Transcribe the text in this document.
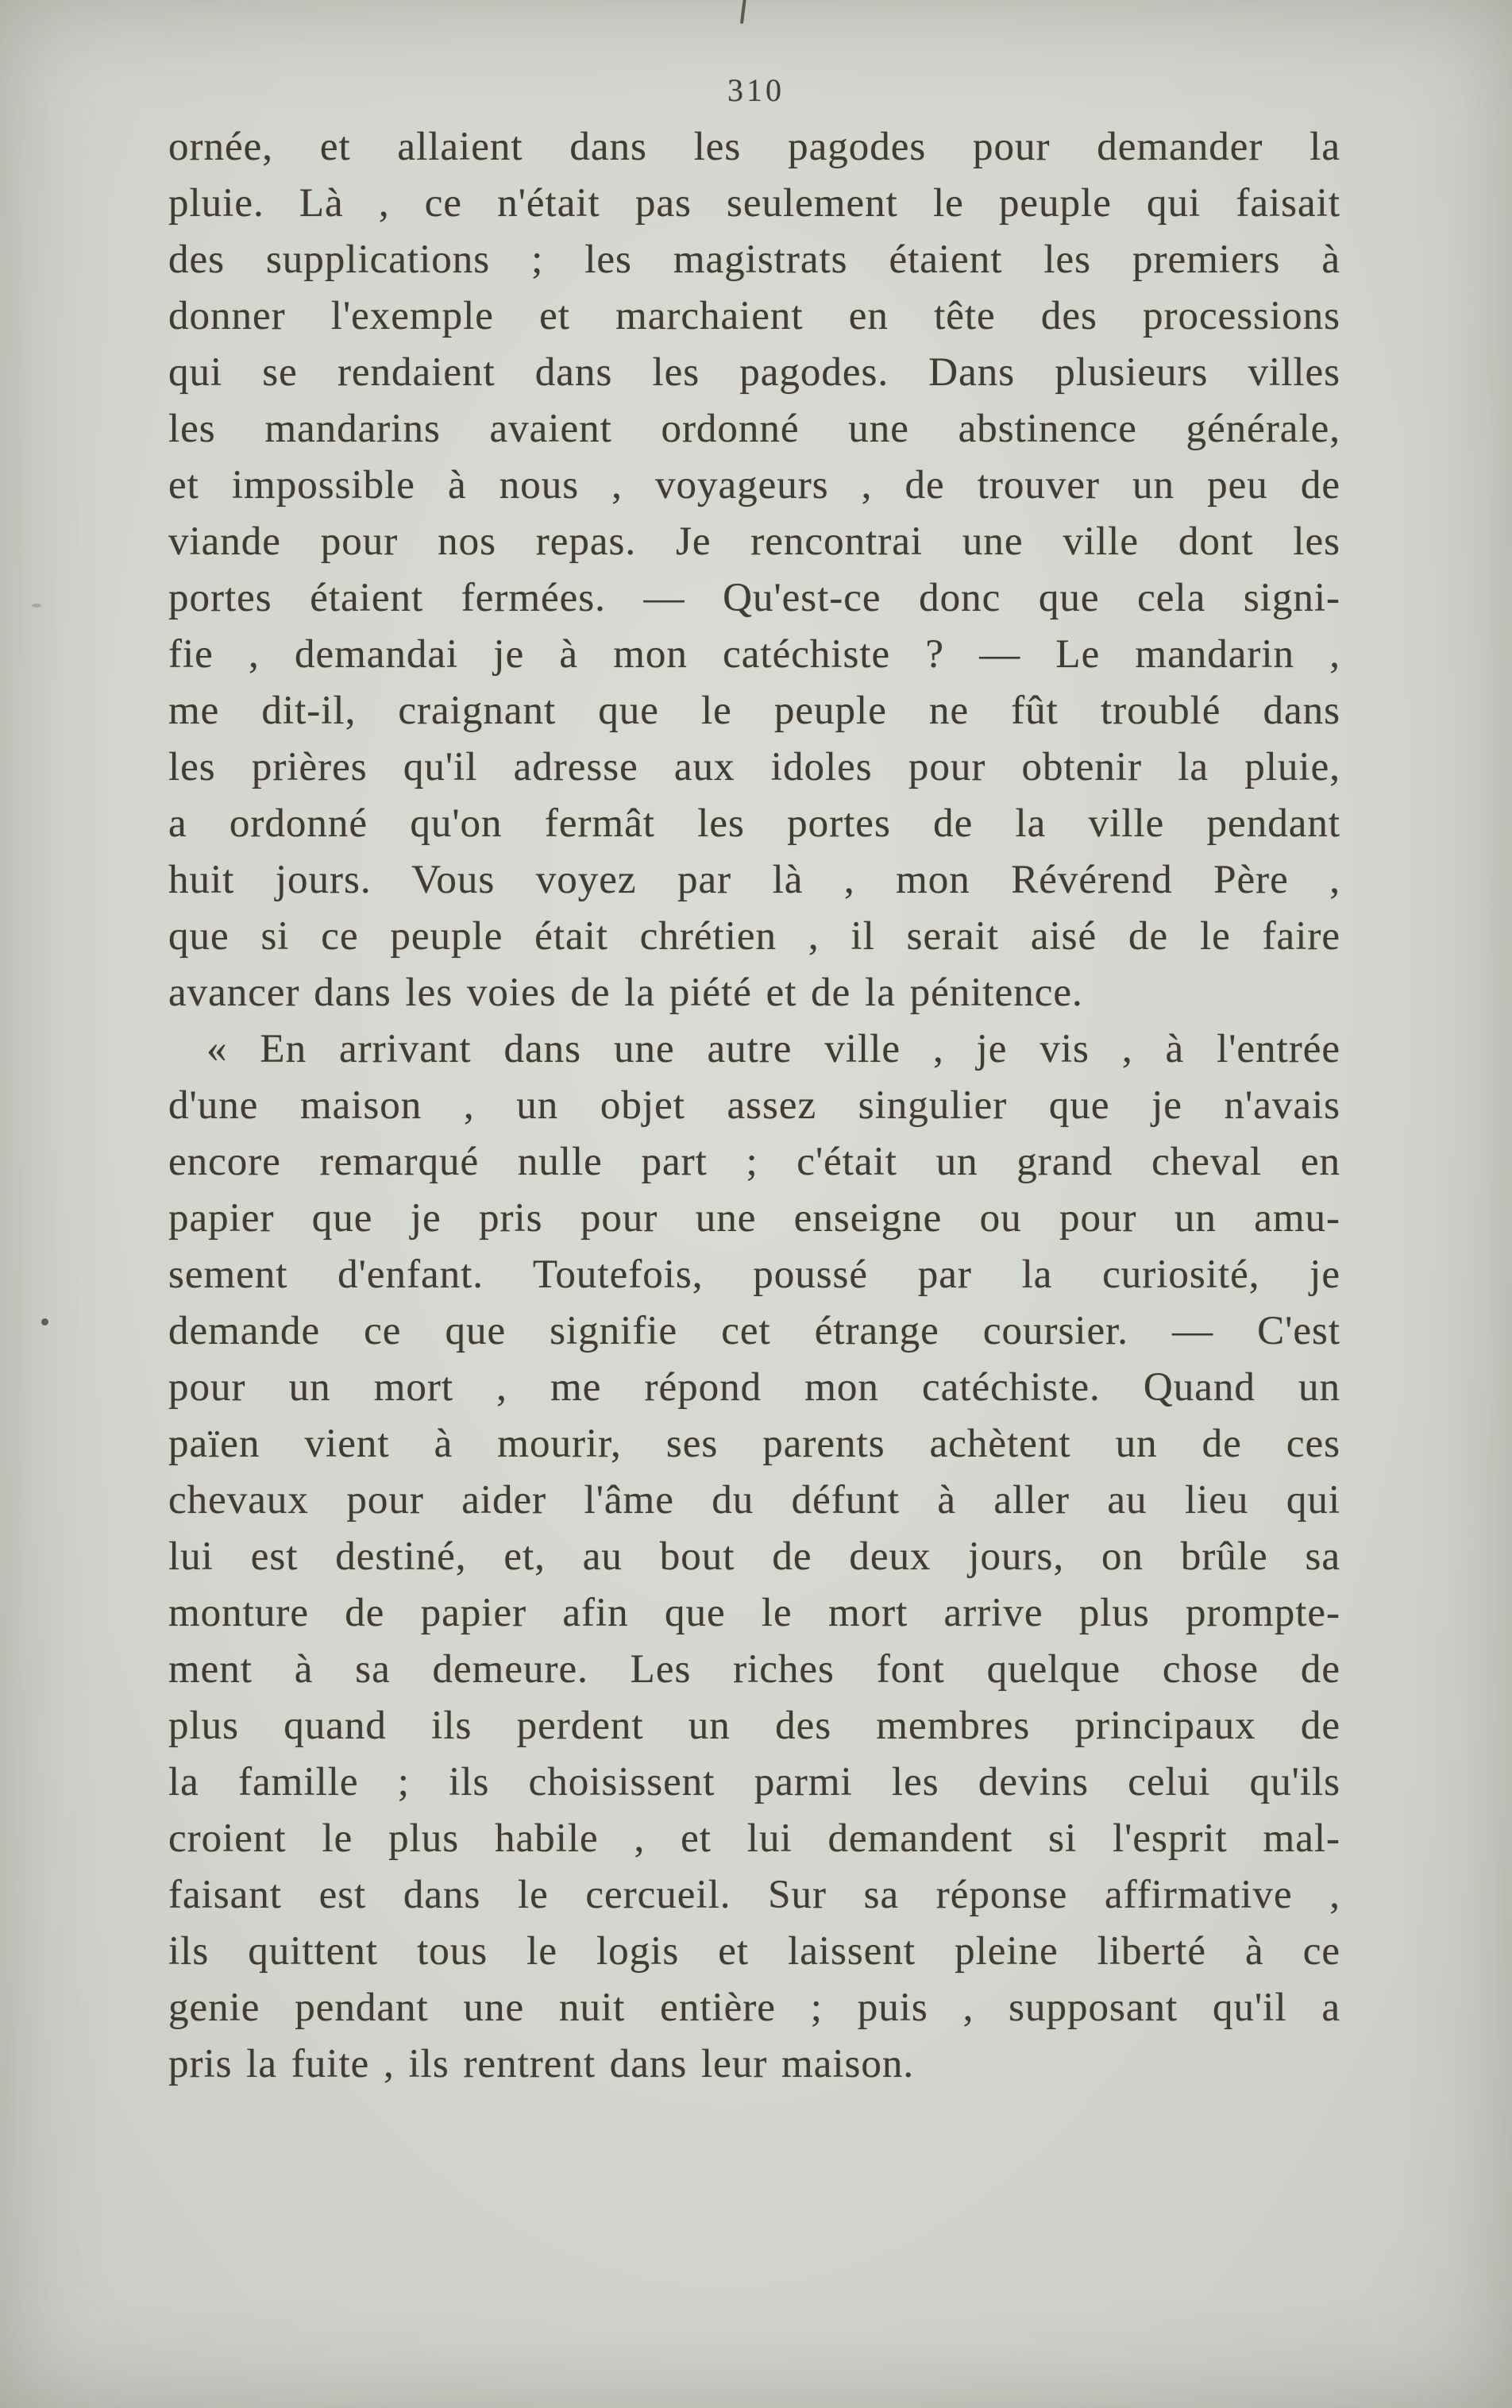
310
ornée, et allaient dans les pagodes pour demander la
pluie. Là , ce n'était pas seulement le peuple qui faisait
des supplications ; les magistrats étaient les premiers à
donner l'exemple et marchaient en tête des processions
qui se rendaient dans les pagodes. Dans plusieurs villes
les mandarins avaient ordonné une abstinence générale,
et impossible à nous , voyageurs , de trouver un peu de
viande pour nos repas. Je rencontrai une ville dont les
portes étaient fermées. — Qu'est-ce donc que cela signi-
fie , demandai je à mon catéchiste ? — Le mandarin ,
me dit-il, craignant que le peuple ne fût troublé dans
les prières qu'il adresse aux idoles pour obtenir la pluie,
a ordonné qu'on fermât les portes de la ville pendant
huit jours. Vous voyez par là , mon Révérend Père ,
que si ce peuple était chrétien , il serait aisé de le faire
avancer dans les voies de la piété et de la pénitence.
« En arrivant dans une autre ville , je vis , à l'entrée
d'une maison , un objet assez singulier que je n'avais
encore remarqué nulle part ; c'était un grand cheval en
papier que je pris pour une enseigne ou pour un amu-
sement d'enfant. Toutefois, poussé par la curiosité, je
demande ce que signifie cet étrange coursier. — C'est
pour un mort , me répond mon catéchiste. Quand un
païen vient à mourir, ses parents achètent un de ces
chevaux pour aider l'âme du défunt à aller au lieu qui
lui est destiné, et, au bout de deux jours, on brûle sa
monture de papier afin que le mort arrive plus prompte-
ment à sa demeure. Les riches font quelque chose de
plus quand ils perdent un des membres principaux de
la famille ; ils choisissent parmi les devins celui qu'ils
croient le plus habile , et lui demandent si l'esprit mal-
faisant est dans le cercueil. Sur sa réponse affirmative ,
ils quittent tous le logis et laissent pleine liberté à ce
genie pendant une nuit entière ; puis , supposant qu'il a
pris la fuite , ils rentrent dans leur maison.
